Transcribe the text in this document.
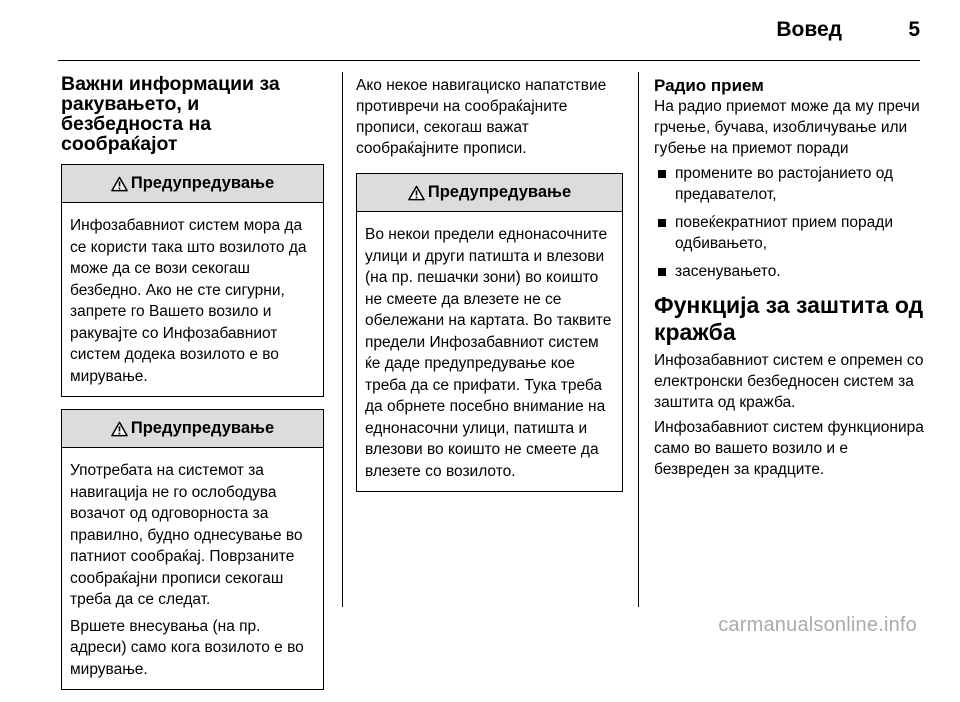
Вовед	5
Важни информации за ракувањето, и безбедноста на сообраќајот
Предупредување

Инфозабавниот систем мора да се користи така што возилото да може да се вози секогаш безбедно. Ако не сте сигурни, запрете го Вашето возило и ракувајте со Инфозабавниот систем додека возилото е во мирување.

Предупредување

Употребата на системот за навигација не го ослободува возачот од одговорноста за правилно, будно однесување во патниот сообраќај. Поврзаните сообраќајни прописи секогаш треба да се следат.

Вршете внесувања (на пр. адреси) само кога возилото е во мирување.

Ако некое навигациско напатствие противречи на сообраќајните прописи, секогаш важат сообраќајните прописи.

Предупредување

Во некои предели еднонасочните улици и други патишта и влезови (на пр. пешачки зони) во коишто не смеете да влезете не се обележани на картата. Во таквите предели Инфозабавниот систем ќе даде предупредување кое треба да се прифати. Тука треба да обрнете посебно внимание на еднонасочни улици, патишта и влезови во коишто не смеете да влезете со возилото.

Радио прием

На радио приемот може да му пречи грчење, бучава, изобличување или губење на приемот поради

промените во растојанието од предавателот,
повеќекратниот прием поради одбивањето,
засенувањето.
Функција за заштита од кражба

Инфозабавниот систем е опремен со електронски безбедносен систем за заштита од кражба.

Инфозабавниот систем функционира само во вашето возило и е безвреден за крадците.

carmanualsonline.info
